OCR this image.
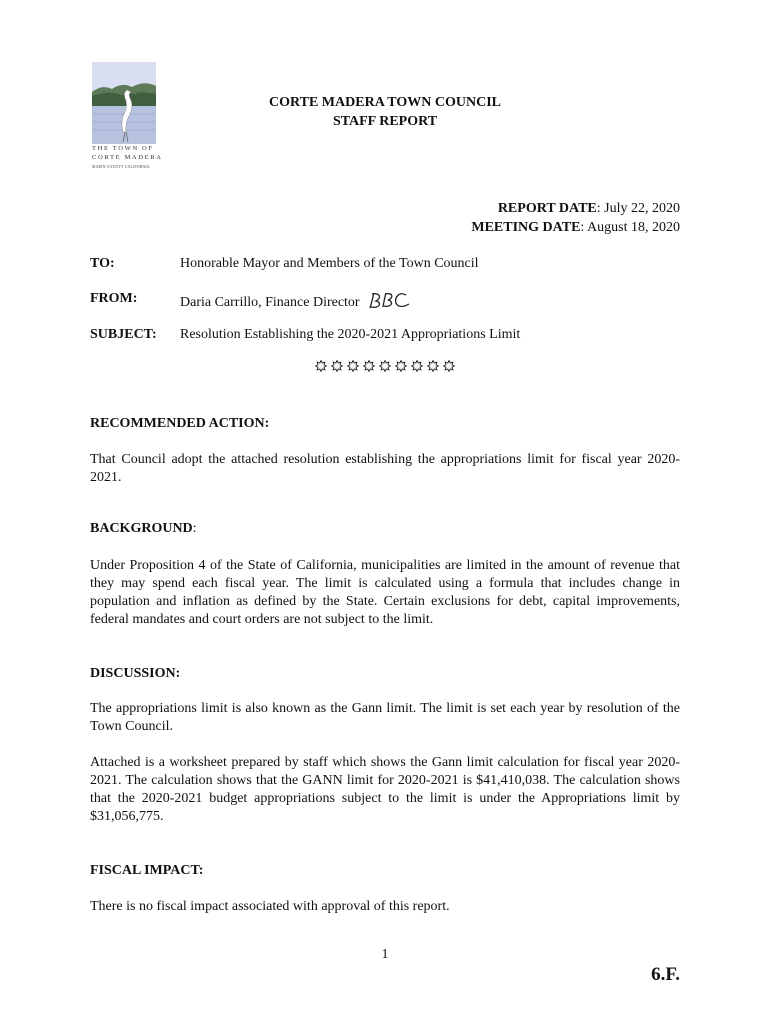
THE TOWN OF
CORTE MADERA
MARIN COUNTY CALIFORNIA
CORTE MADERA TOWN COUNCIL
STAFF REPORT
REPORT DATE: July 22, 2020
MEETING DATE: August 18, 2020
TO:	Honorable Mayor and Members of the Town Council
FROM:	Daria Carrillo, Finance Director
SUBJECT: Resolution Establishing the 2020-2021 Appropriations Limit
RECOMMENDED ACTION:
That Council adopt the attached resolution establishing the appropriations limit for fiscal year 2020-2021.
BACKGROUND:
Under Proposition 4 of the State of California, municipalities are limited in the amount of revenue that they may spend each fiscal year. The limit is calculated using a formula that includes change in population and inflation as defined by the State. Certain exclusions for debt, capital improvements, federal mandates and court orders are not subject to the limit.
DISCUSSION:
The appropriations limit is also known as the Gann limit. The limit is set each year by resolution of the Town Council.
Attached is a worksheet prepared by staff which shows the Gann limit calculation for fiscal year 2020-2021. The calculation shows that the GANN limit for 2020-2021 is $41,410,038. The calculation shows that the 2020-2021 budget appropriations subject to the limit is under the Appropriations limit by $31,056,775.
FISCAL IMPACT:
There is no fiscal impact associated with approval of this report.
1
6.F.
